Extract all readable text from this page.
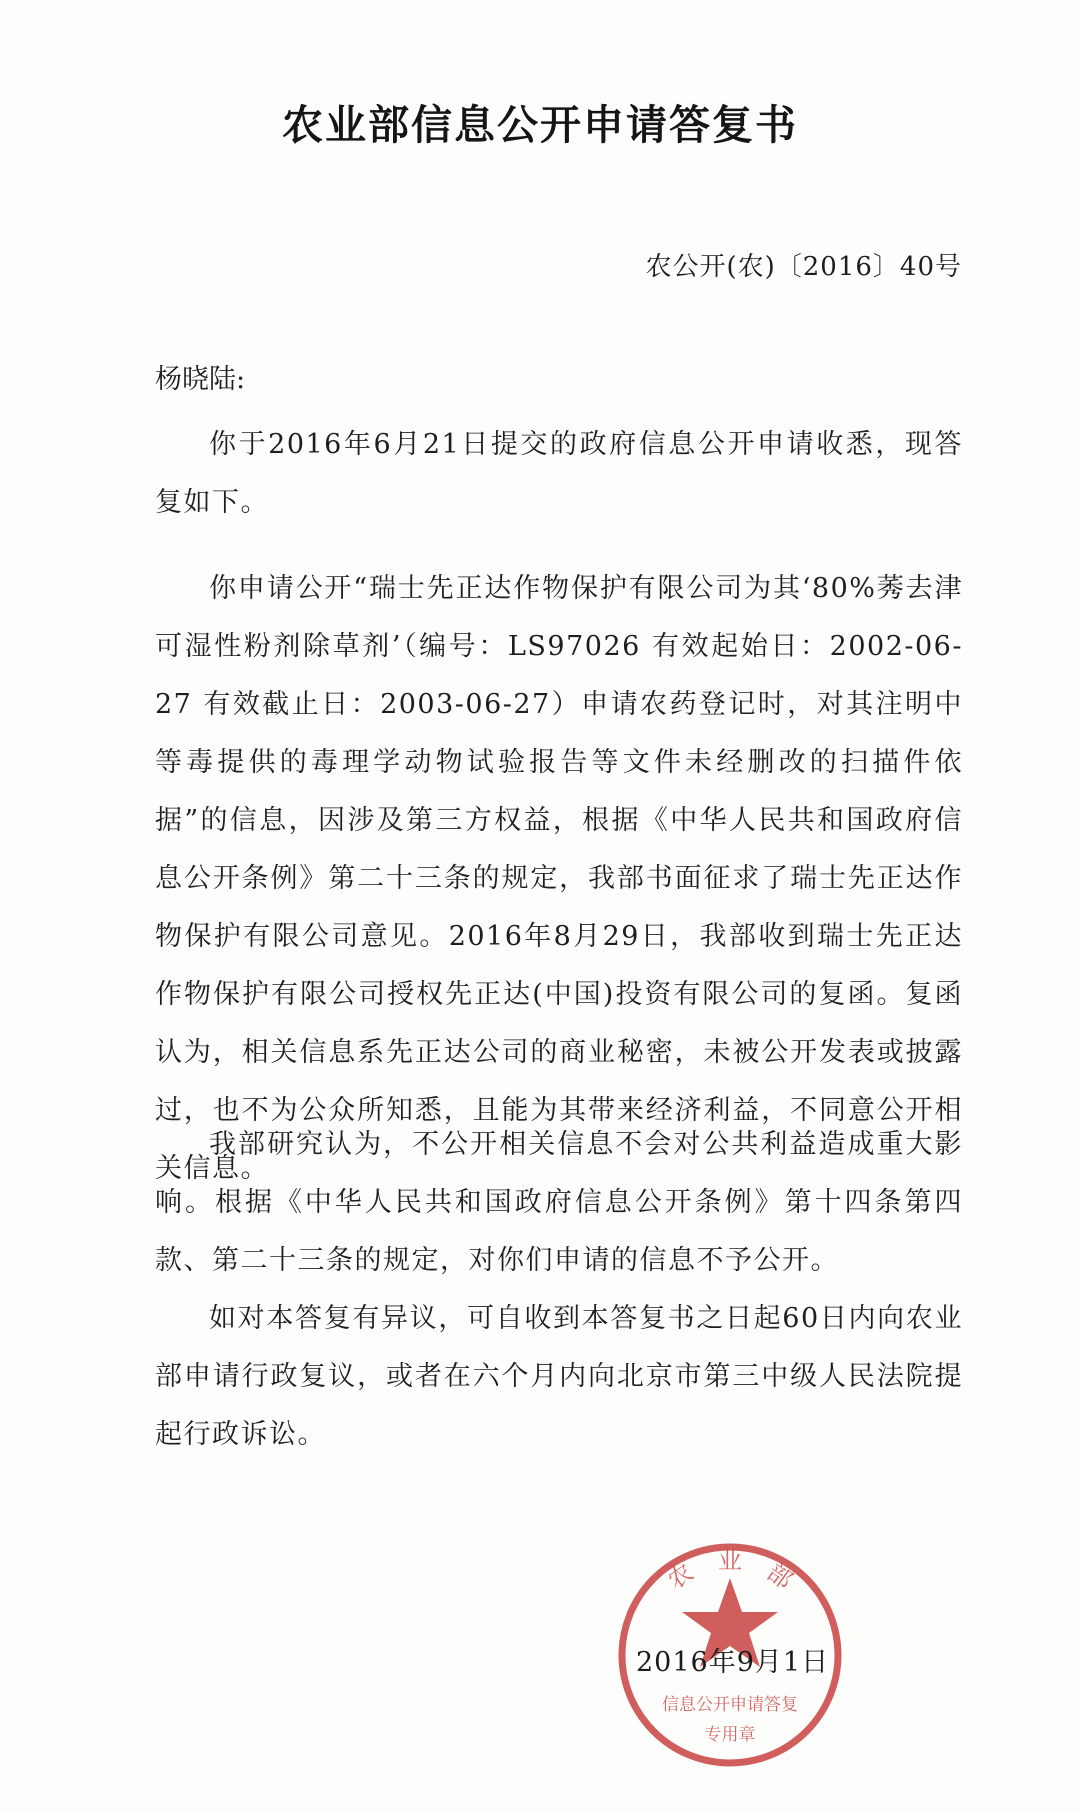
农业部信息公开申请答复书
农公开(农)〔2016〕40号
杨晓陆:

你于2016年6月21日提交的政府信息公开申请收悉，现答复如下。

你申请公开“瑞士先正达作物保护有限公司为其‘80%莠去津可湿性粉剂除草剂’（编号：LS97026 有效起始日：2002-06-27 有效截止日：2003-06-27）申请农药登记时，对其注明中等毒提供的毒理学动物试验报告等文件未经删改的扫描件依据”的信息，因涉及第三方权益，根据《中华人民共和国政府信息公开条例》第二十三条的规定，我部书面征求了瑞士先正达作物保护有限公司意见。2016年8月29日，我部收到瑞士先正达作物保护有限公司授权先正达(中国)投资有限公司的复函。复函认为，相关信息系先正达公司的商业秘密，未被公开发表或披露过，也不为公众所知悉，且能为其带来经济利益，不同意公开相关信息。

我部研究认为，不公开相关信息不会对公共利益造成重大影响。根据《中华人民共和国政府信息公开条例》第十四条第四款、第二十三条的规定，对你们申请的信息不予公开。

如对本答复有异议，可自收到本答复书之日起60日内向农业部申请行政复议，或者在六个月内向北京市第三中级人民法院提起行政诉讼。

农　业　部
信息公开申请答复
专用章
2016年9月1日
